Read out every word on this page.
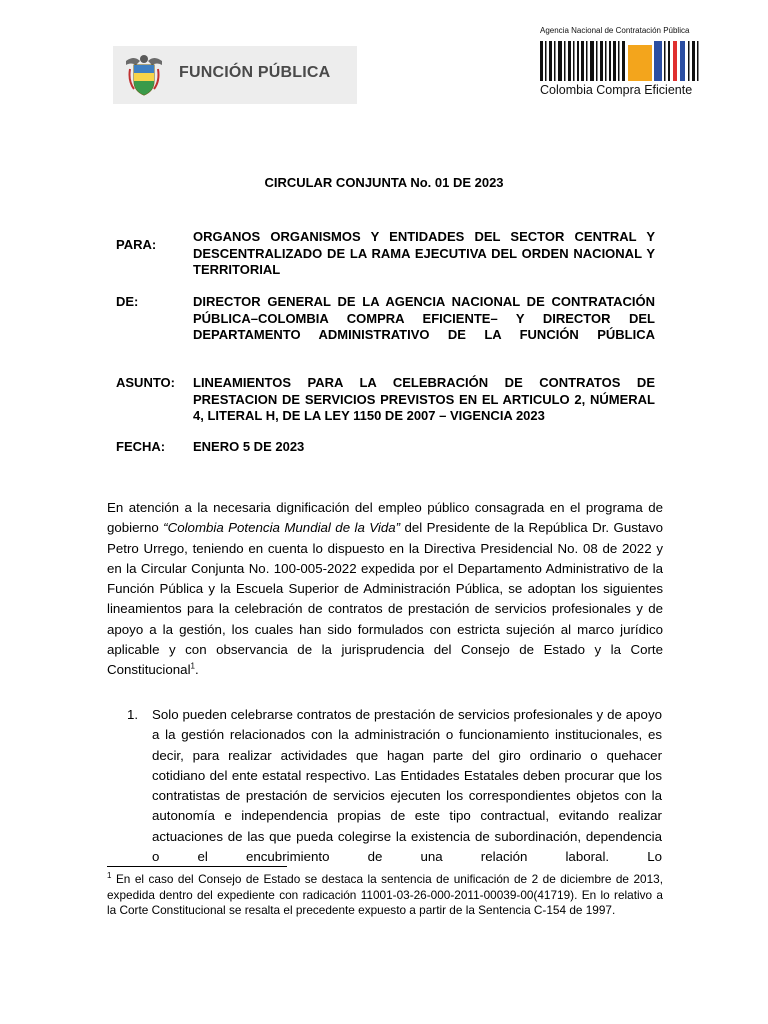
FUNCIÓN PÚBLICA
Agencia Nacional de Contratación Pública
Colombia Compra Eficiente
CIRCULAR CONJUNTA No. 01 DE 2023
PARA:
ORGANOS ORGANISMOS Y ENTIDADES DEL SECTOR CENTRAL Y DESCENTRALIZADO DE LA RAMA EJECUTIVA DEL ORDEN NACIONAL Y TERRITORIAL
DE:	DIRECTOR GENERAL DE LA AGENCIA NACIONAL DE CONTRATACIÓN PÚBLICA–COLOMBIA COMPRA EFICIENTE– Y DIRECTOR DEL DEPARTAMENTO ADMINISTRATIVO DE LA FUNCIÓN PÚBLICA
ASUNTO: LINEAMIENTOS PARA LA CELEBRACIÓN DE CONTRATOS DE PRESTACION DE SERVICIOS PREVISTOS EN EL ARTICULO 2, NÚMERAL 4, LITERAL H, DE LA LEY 1150 DE 2007 – VIGENCIA 2023
FECHA: ENERO 5 DE 2023
En atención a la necesaria dignificación del empleo público consagrada en el programa de gobierno “Colombia Potencia Mundial de la Vida” del Presidente de la República Dr. Gustavo Petro Urrego, teniendo en cuenta lo dispuesto en la Directiva Presidencial No. 08 de 2022 y en la Circular Conjunta No. 100-005-2022 expedida por el Departamento Administrativo de la Función Pública y la Escuela Superior de Administración Pública, se adoptan los siguientes lineamientos para la celebración de contratos de prestación de servicios profesionales y de apoyo a la gestión, los cuales han sido formulados con estricta sujeción al marco jurídico aplicable y con observancia de la jurisprudencia del Consejo de Estado y la Corte Constitucional$^1$.
1. Solo pueden celebrarse contratos de prestación de servicios profesionales y de apoyo a la gestión relacionados con la administración o funcionamiento institucionales, es decir, para realizar actividades que hagan parte del giro ordinario o quehacer cotidiano del ente estatal respectivo. Las Entidades Estatales deben procurar que los contratistas de prestación de servicios ejecuten los correspondientes objetos con la autonomía e independencia propias de este tipo contractual, evitando realizar actuaciones de las que pueda colegirse la existencia de subordinación, dependencia o el encubrimiento de una relación laboral. Lo
$^1$ En el caso del Consejo de Estado se destaca la sentencia de unificación de 2 de diciembre de 2013, expedida dentro del expediente con radicación 11001-03-26-000-2011-00039-00(41719). En lo relativo a la Corte Constitucional se resalta el precedente expuesto a partir de la Sentencia C-154 de 1997.
